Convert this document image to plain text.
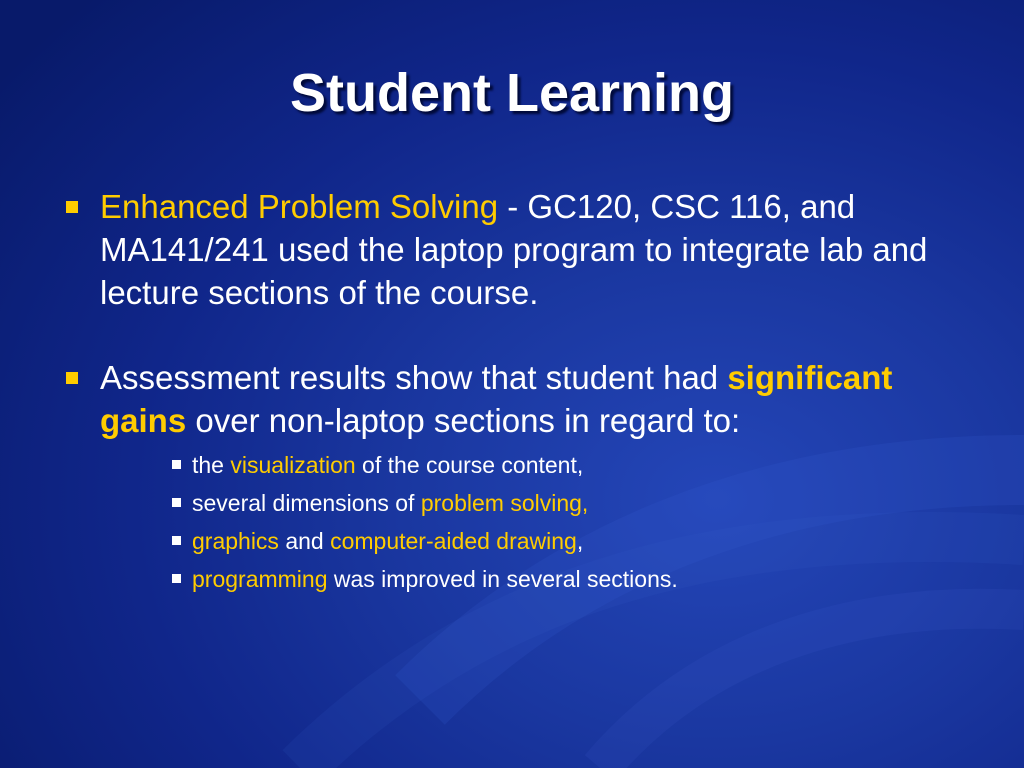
Student Learning
Enhanced Problem Solving - GC120, CSC 116, and MA141/241 used the laptop program to integrate lab and lecture sections of the course.
Assessment results show that student had significant gains over non-laptop sections in regard to:
the visualization of the course content,
several dimensions of problem solving,
graphics and computer-aided drawing,
programming was improved in several sections.
